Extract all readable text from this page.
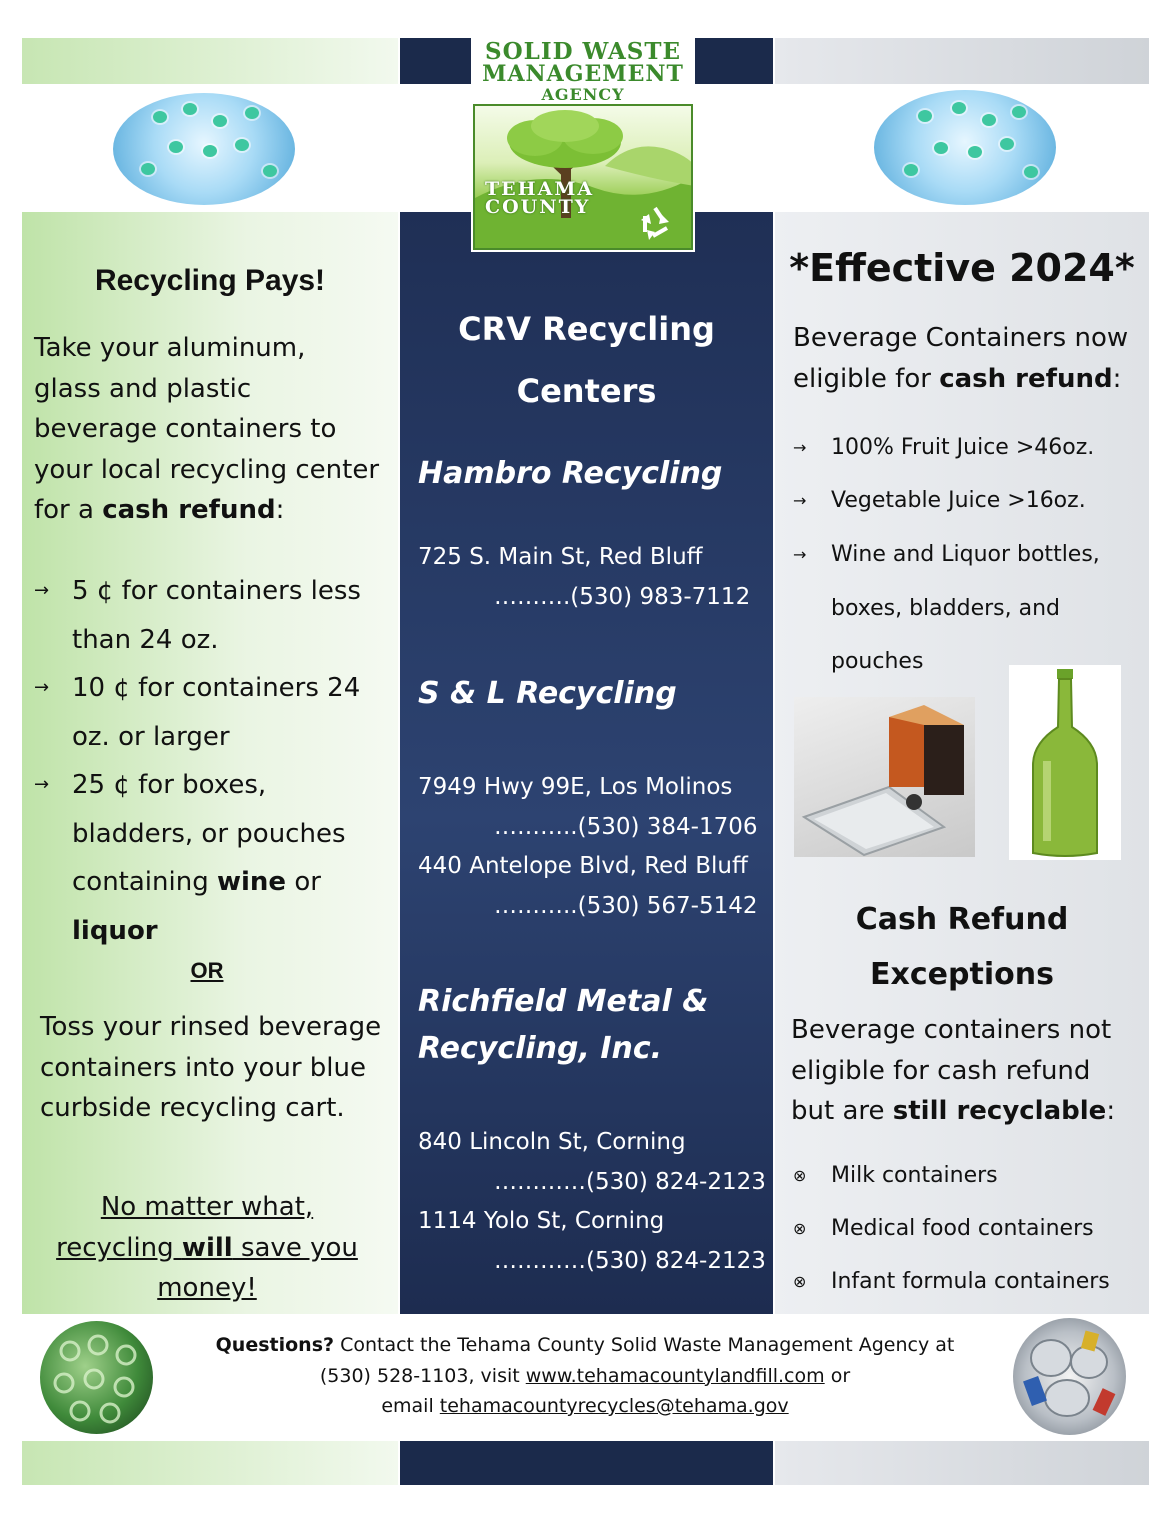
Recycling Pays!
Take your aluminum, glass and plastic beverage containers to your local recycling center for a cash refund:
→ 5 ¢ for containers less
than 24 oz.
→ 10 ¢ for containers 24
oz. or larger
→ 25 ¢ for boxes,
bladders, or pouches
containing wine or
liquor
OR
Toss your rinsed beverage containers into your blue curbside recycling cart.
No matter what, recycling will save you money!
CRV Recycling
Centers
Hambro Recycling
725 S. Main St, Red Bluff
……….(530) 983-7112
S & L Recycling
7949 Hwy 99E, Los Molinos
………..(530) 384-1706
440 Antelope Blvd, Red Bluff
………..(530) 567-5142
Richfield Metal &
Recycling, Inc.
840 Lincoln St, Corning
…………(530) 824-2123
1114 Yolo St, Corning
…………(530) 824-2123
*Effective 2024*
Beverage Containers now eligible for cash refund:
→	100% Fruit Juice >46oz.
→	Vegetable Juice >16oz.
→	Wine and Liquor bottles,
boxes, bladders, and
pouches
Cash Refund
Exceptions
Beverage containers not eligible for cash refund but are still recyclable:
⊗	Milk containers
⊗	Medical food containers
⊗	Infant formula containers
SOLID WASTE
MANAGEMENT
AGENCY
TEHAMA
COUNTY
Questions? Contact the Tehama County Solid Waste Management Agency at
(530) 528-1103, visit www.tehamacountylandfill.com or
email tehamacountyrecycles@tehama.gov
